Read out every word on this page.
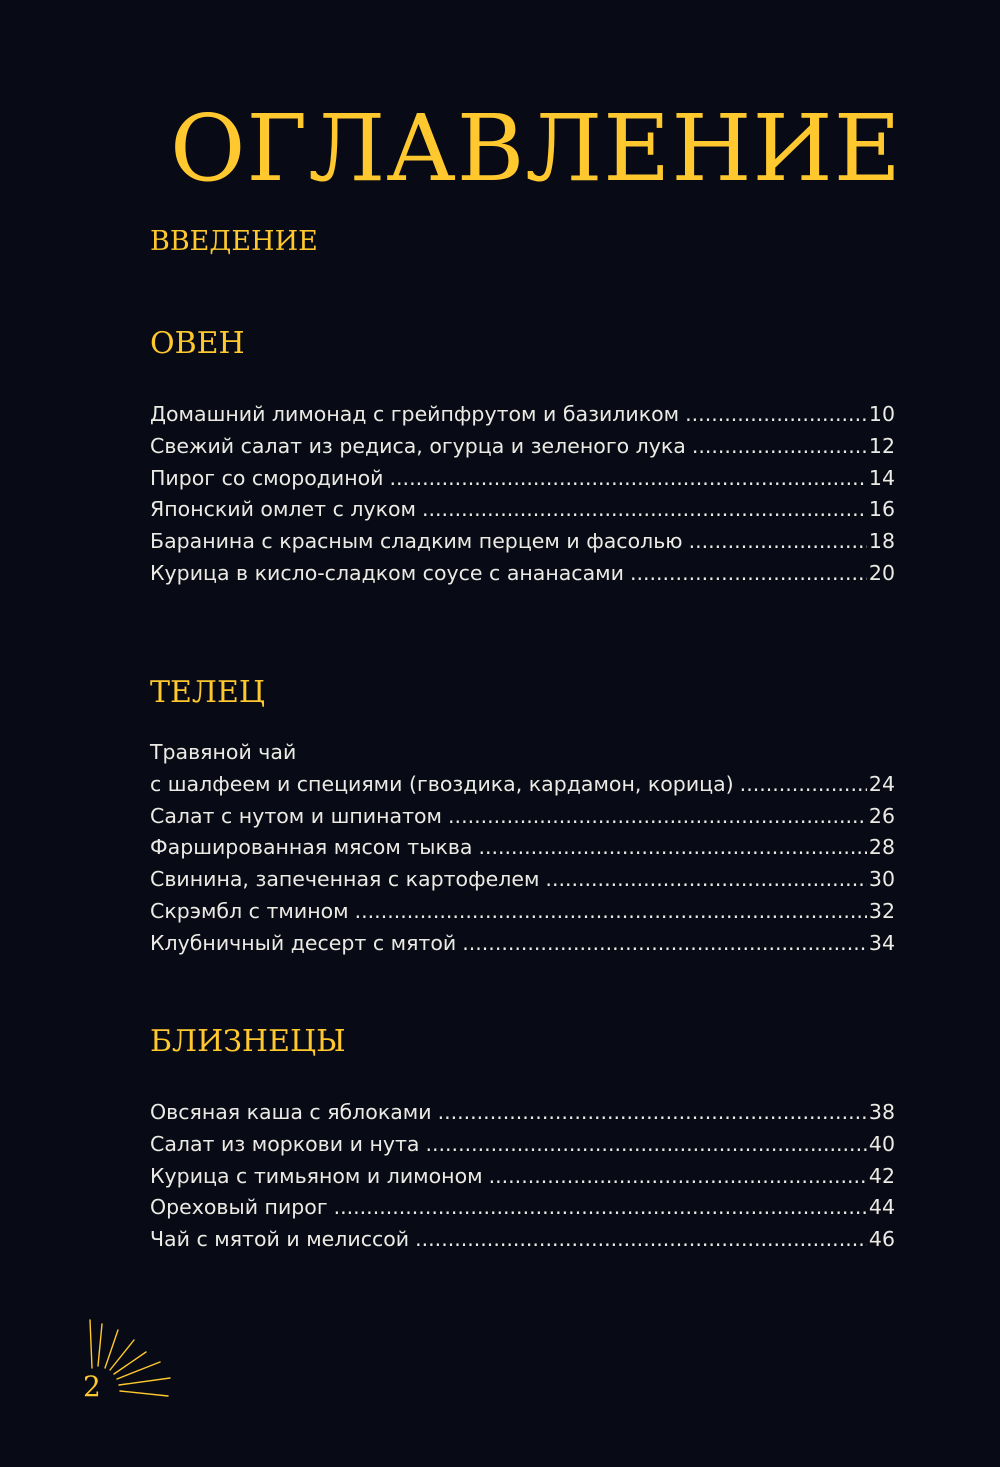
ОГЛАВЛЕНИЕ
ВВЕДЕНИЕ
ОВЕН
Домашний лимонад с грейпфрутом и базиликом .....	10
Свежий салат из редиса, огурца и зеленого лука .....	12
Пирог со смородиной .....	14
Японский омлет с луком .....	16
Баранина с красным сладким перцем и фасолью .....	18
Курица в кисло-сладком соусе с ананасами .....	20
ТЕЛЕЦ
Травяной чай
с шалфеем и специями (гвоздика, кардамон, корица) .....	24
Салат с нутом и шпинатом .....	26
Фаршированная мясом тыква .....	28
Свинина, запеченная с картофелем .....	30
Скрэмбл с тмином .....	32
Клубничный десерт с мятой .....	34
БЛИЗНЕЦЫ
Овсяная каша с яблоками .....	38
Салат из моркови и нута .....	40
Курица с тимьяном и лимоном .....	42
Ореховый пирог .....	44
Чай с мятой и мелиссой .....	46
2
